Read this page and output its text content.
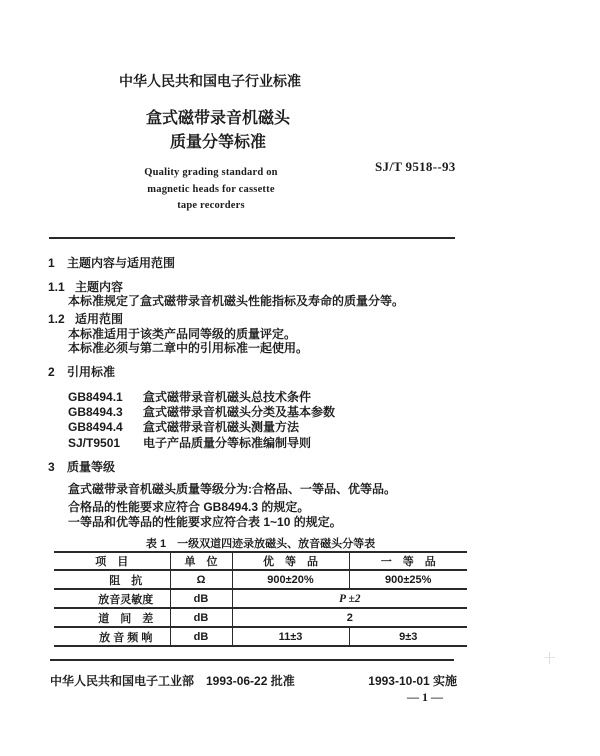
中华人民共和国电子行业标准
盒式磁带录音机磁头
质量分等标准
SJ/T 9518--93
Quality grading standard on
magnetic heads for cassette
tape recorders
1 主题内容与适用范围
1.1 主题内容
本标准规定了盒式磁带录音机磁头性能指标及寿命的质量分等。
1.2 适用范围
本标准适用于该类产品同等级的质量评定。
本标准必须与第二章中的引用标准一起使用。
2 引用标准
GB8494.1 盒式磁带录音机磁头总技术条件
GB8494.3 盒式磁带录音机磁头分类及基本参数
GB8494.4 盒式磁带录音机磁头测量方法
SJ/T9501 电子产品质量分等标准编制导则
3 质量等级
盒式磁带录音机磁头质量等级分为:合格品、一等品、优等品。
合格品的性能要求应符合 GB8494.3 的规定。
一等品和优等品的性能要求应符合表 1~10 的规定。
表 1　一级双道四迹录放磁头、放音磁头分等表
项　目	单　位	优　等　品	一　等　品
阻　抗	Ω	900±20%	900±25%
放音灵敏度	dB	P ±2	
道　间　差	dB	2	
放 音 频 响	dB	11±3	9±3
中华人民共和国电子工业部　1993-06-22 批准	1993-10-01 实施
— 1 —
